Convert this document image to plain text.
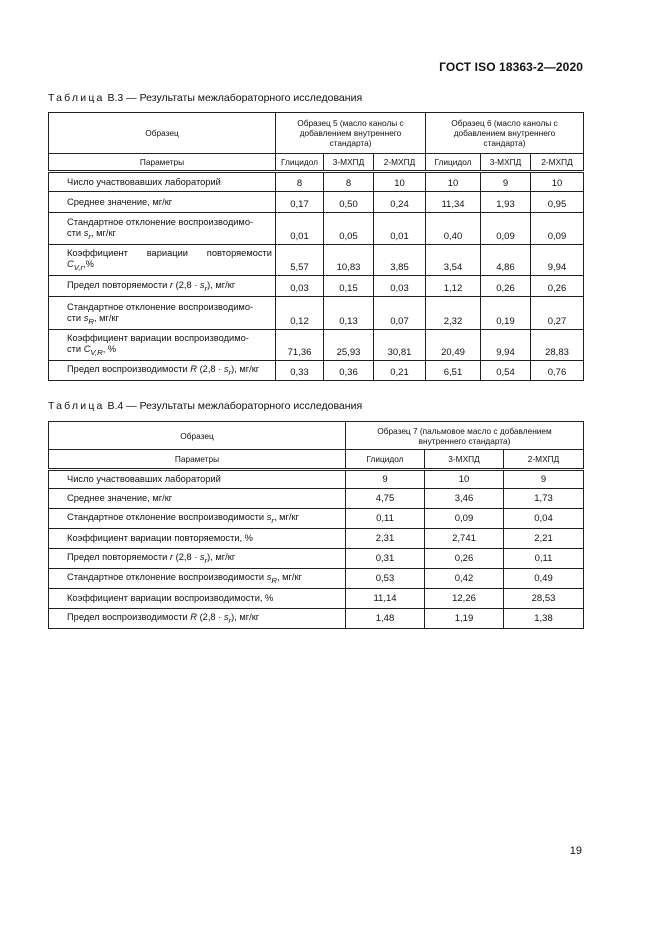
ГОСТ ISO 18363-2—2020
Таблица В.3 — Результаты межлабораторного исследования
Образец	Образец 5 (масло канолы с добавлением внутреннего стандарта)			Образец 6 (масло канолы с добавлением внутреннего стандарта)		
Параметры	Глицидол	3-МХПД	2-МХПД	Глицидол	3-МХПД	2-МХПД
Число участвовавших лабораторий	8	8	10	10	9	10
Среднее значение, мг/кг	0,17	0,50	0,24	11,34	1,93	0,95

Стандартное отклонение воспроизводимо-
сти $s_r$, мг/кг	0,01	0,05	0,01	0,40	0,09	0,09

Коэффициент вариации повторяемости
$C_{V,r},\%$	5,57	10,83	3,85	3,54	4,86	9,94
Предел повторяемости r $(2,8 \cdot s_r)$, мг/кг	0,03	0,15	0,03	1,12	0,26	0,26

Стандартное отклонение воспроизводимо-
сти $s_R$, мг/кг	0,12	0,13	0,07	2,32	0,19	0,27

Коэффициент вариации воспроизводимо-
сти $C_{V,R}$, %	71,36	25,93	30,81	20,49	9,94	28,83
Предел воспроизводимости R $(2,8 \cdot s_r)$, мг/кг	0,33	0,36	0,21	6,51	0,54	0,76
Таблица В.4 — Результаты межлабораторного исследования
Образец	Образец 7 (пальмовое масло с добавлением внутреннего стандарта)		
Параметры	Глицидол	3-МХПД	2-МХПД
Число участвовавших лабораторий	9	10	9
Среднее значение, мг/кг	4,75	3,46	1,73
Стандартное отклонение воспроизводимости $s_r$, мг/кг	0,11	0,09	0,04
Коэффициент вариации повторяемости, %	2,31	2,741	2,21
Предел повторяемости r $(2,8 \cdot s_r)$, мг/кг	0,31	0,26	0,11
Стандартное отклонение воспроизводимости $s_R$, мг/кг	0,53	0,42	0,49
Коэффициент вариации воспроизводимости, %	11,14	12,26	28,53
Предел воспроизводимости R $(2,8 \cdot s_r)$, мг/кг	1,48	1,19	1,38
19
